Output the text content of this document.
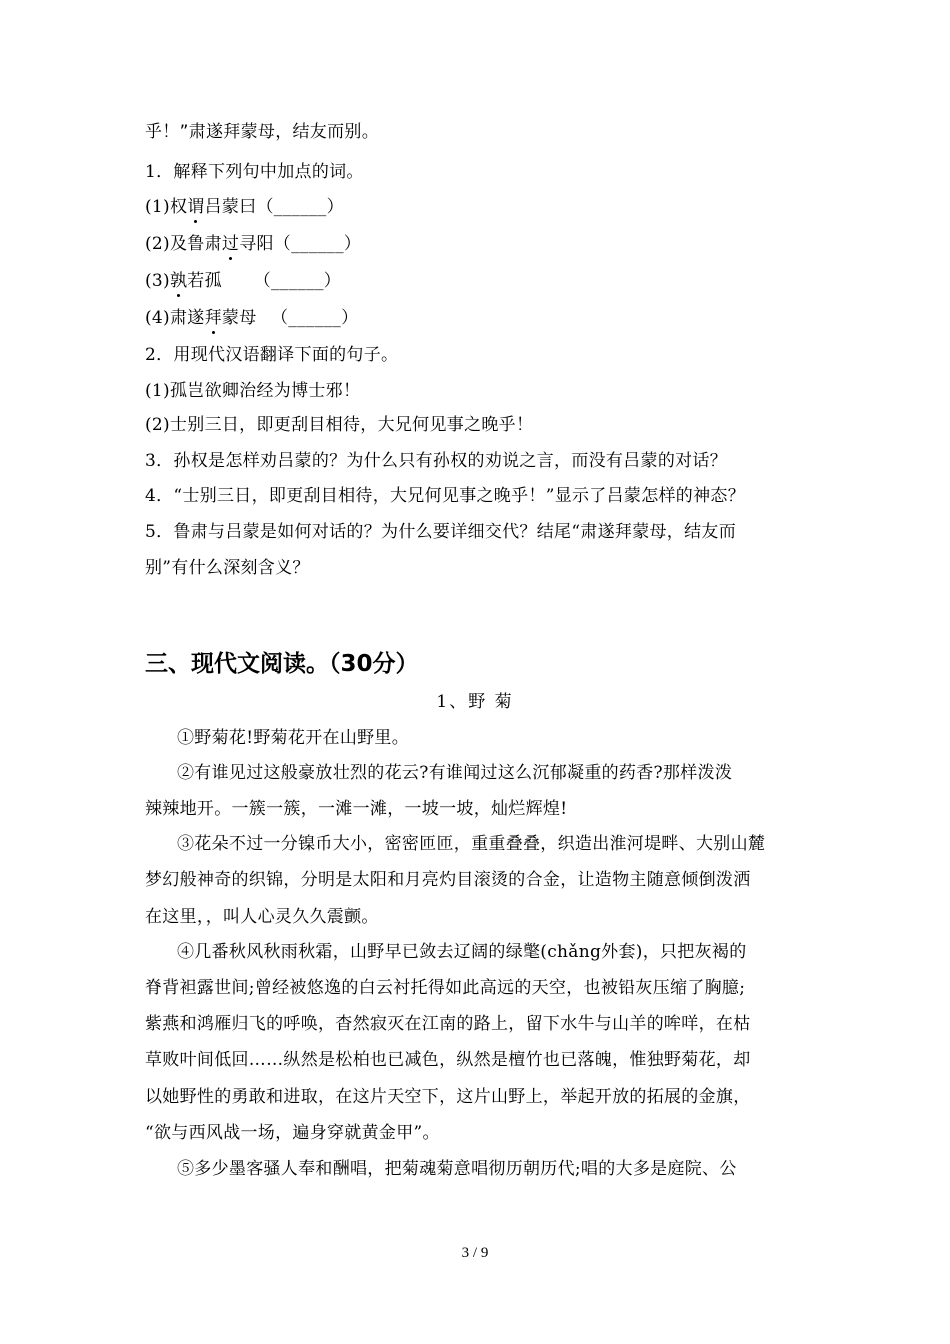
乎！”肃遂拜蒙母，结友而别。
1．解释下列句中加点的词。
(1)权谓吕蒙曰（______）
(2)及鲁肃过寻阳（______）
(3)孰若孤 　　（______）
(4)肃遂拜蒙母 　（______）
2．用现代汉语翻译下面的句子。
(1)孤岂欲卿治经为博士邪！
(2)士别三日，即更刮目相待，大兄何见事之晚乎！
3．孙权是怎样劝吕蒙的？为什么只有孙权的劝说之言，而没有吕蒙的对话？
4．“士别三日，即更刮目相待，大兄何见事之晚乎！”显示了吕蒙怎样的神态？
5．鲁肃与吕蒙是如何对话的？为什么要详细交代？结尾“肃遂拜蒙母，结友而
别”有什么深刻含义？
三、现代文阅读。（30分）
1、野 菊
①野菊花!野菊花开在山野里。
②有谁见过这般豪放壮烈的花云?有谁闻过这么沉郁凝重的药香?那样泼泼
辣辣地开。一簇一簇，一滩一滩，一坡一坡，灿烂辉煌!
③花朵不过一分镍币大小，密密匝匝，重重叠叠，织造出淮河堤畔、大别山麓
梦幻般神奇的织锦，分明是太阳和月亮灼目滚烫的合金，让造物主随意倾倒泼洒
在这里，，叫人心灵久久震颤。
④几番秋风秋雨秋霜，山野早已敛去辽阔的绿氅(chǎng外套)，只把灰褐的
脊背袒露世间;曾经被悠逸的白云衬托得如此高远的天空，也被铅灰压缩了胸臆;
紫燕和鸿雁归飞的呼唤，杳然寂灭在江南的路上，留下水牛与山羊的哞咩，在枯
草败叶间低回……纵然是松柏也已减色，纵然是檀竹也已落魄，惟独野菊花，却
以她野性的勇敢和进取，在这片天空下，这片山野上，举起开放的拓展的金旗，
“欲与西风战一场，遍身穿就黄金甲”。
⑤多少墨客骚人奉和酬唱，把菊魂菊意唱彻历朝历代;唱的大多是庭院、公
3 / 9
